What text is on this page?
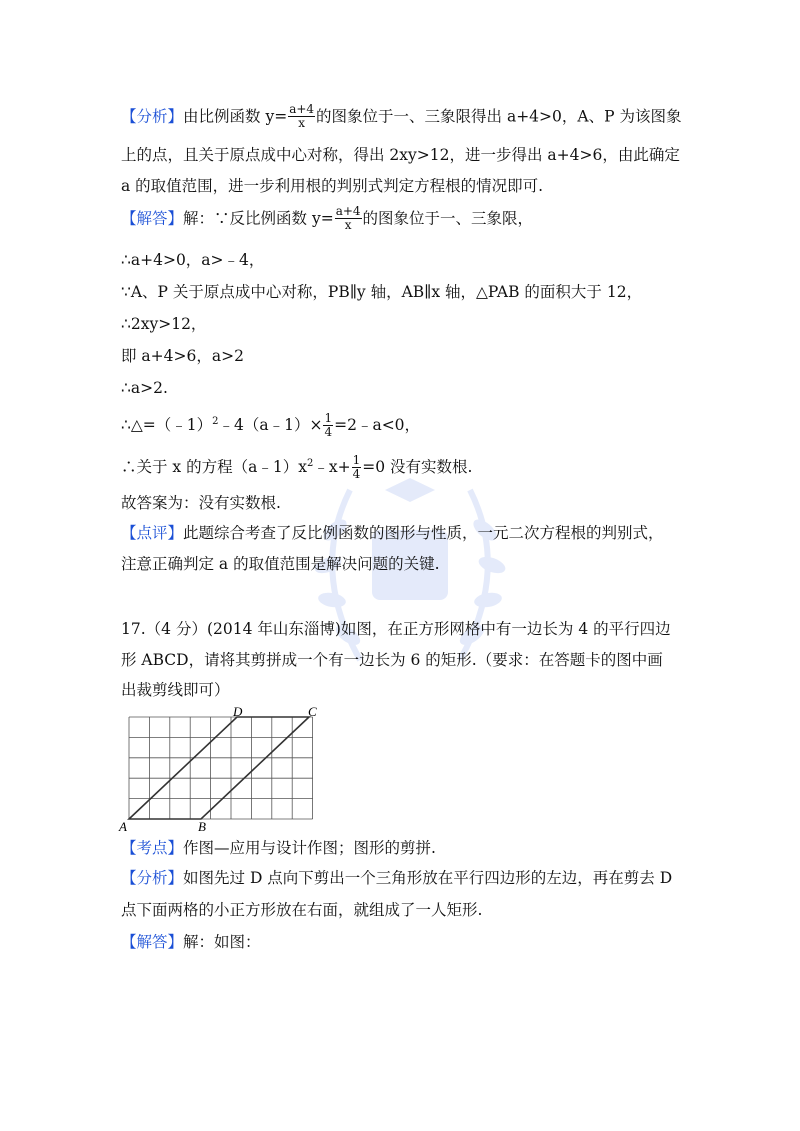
【分析】由比例函数 $y= \frac{a+4}{x}$ 的图象位于一、三象限得出 a+4>0，A、P 为该图象
上的点，且关于原点成中心对称，得出 2xy>12，进一步得出 a+4>6，由此确定
a 的取值范围，进一步利用根的判别式判定方程根的情况即可.
【解答】解：∵反比例函数 $y= \frac{a+4}{x}$ 的图象位于一、三象限，
∴a+4>0，a>﹣4，
∵A、P 关于原点成中心对称，PB∥y 轴，AB∥x 轴，△PAB 的面积大于 12，
∴2xy>12，
即 a+4>6，a>2
∴a>2.
∴△=（﹣1）$^2$﹣4（a﹣1）× $\frac{1}{4}$ =2﹣a<0，
∴关于 x 的方程$(a﹣1)x^2﹣x+ \frac{1}{4} =0$ 没有实数根.
故答案为：没有实数根.
【点评】此题综合考查了反比例函数的图形与性质，一元二次方程根的判别式，
注意正确判定 a 的取值范围是解决问题的关键.
17.（4 分）(2014 年山东淄博)如图，在正方形网格中有一边长为 4 的平行四边
形 ABCD，请将其剪拼成一个有一边长为 6 的矩形.（要求：在答题卡的图中画
出裁剪线即可）
A	B
C
D
【考点】作图—应用与设计作图；图形的剪拼.
【分析】如图先过 D 点向下剪出一个三角形放在平行四边形的左边，再在剪去 D
点下面两格的小正方形放在右面，就组成了一人矩形.
【解答】解：如图：
